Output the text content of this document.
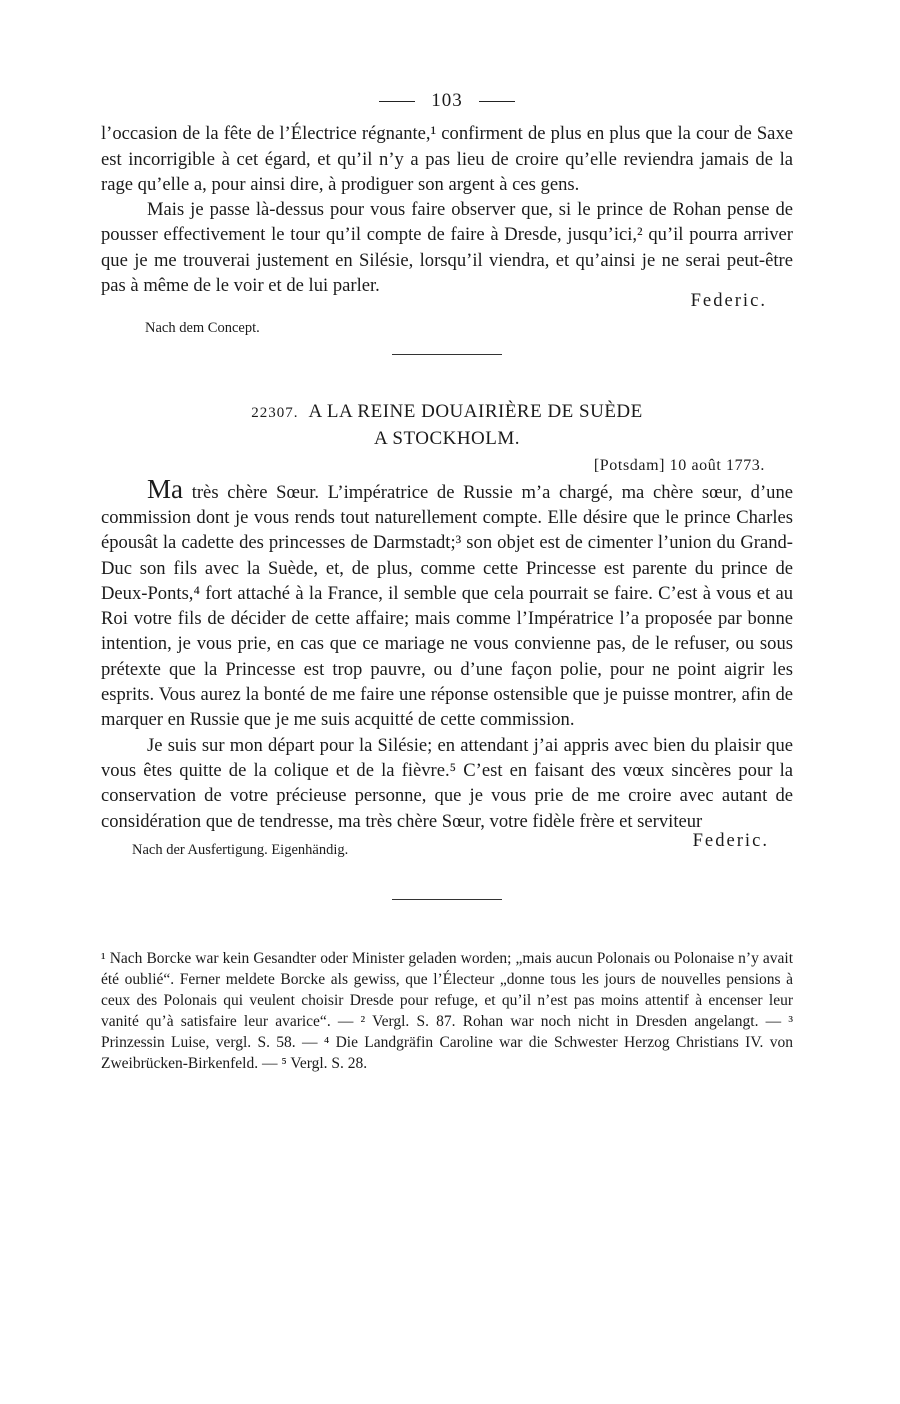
103

l’occasion de la fête de l’Électrice régnante,¹ confirment de plus en plus que la cour de Saxe est incorrigible à cet égard, et qu’il n’y a pas lieu de croire qu’elle reviendra jamais de la rage qu’elle a, pour ainsi dire, à prodiguer son argent à ces gens.

Mais je passe là-dessus pour vous faire observer que, si le prince de Rohan pense de pousser effectivement le tour qu’il compte de faire à Dresde, jusqu’ici,² qu’il pourra arriver que je me trouverai justement en Silésie, lorsqu’il viendra, et qu’ainsi je ne serai peut-être pas à même de le voir et de lui parler.

Federic.
Nach dem Concept.
22307. A LA REINE DOUAIRIÈRE DE SUÈDE
A STOCKHOLM.
[Potsdam] 10 août 1773.

Ma très chère Sœur. L’impératrice de Russie m’a chargé, ma chère sœur, d’une commission dont je vous rends tout naturellement compte. Elle désire que le prince Charles épousât la cadette des princesses de Darmstadt;³ son objet est de cimenter l’union du Grand-Duc son fils avec la Suède, et, de plus, comme cette Princesse est parente du prince de Deux-Ponts,⁴ fort attaché à la France, il semble que cela pourrait se faire. C’est à vous et au Roi votre fils de décider de cette affaire; mais comme l’Impératrice l’a proposée par bonne intention, je vous prie, en cas que ce mariage ne vous convienne pas, de le refuser, ou sous prétexte que la Princesse est trop pauvre, ou d’une façon polie, pour ne point aigrir les esprits. Vous aurez la bonté de me faire une réponse ostensible que je puisse montrer, afin de marquer en Russie que je me suis acquitté de cette commission.

Je suis sur mon départ pour la Silésie; en attendant j’ai appris avec bien du plaisir que vous êtes quitte de la colique et de la fièvre.⁵ C’est en faisant des vœux sincères pour la conservation de votre précieuse personne, que je vous prie de me croire avec autant de considération que de tendresse, ma très chère Sœur, votre fidèle frère et serviteur

Federic.
Nach der Ausfertigung. Eigenhändig.

¹ Nach Borcke war kein Gesandter oder Minister geladen worden; „mais aucun Polonais ou Polonaise n’y avait été oublié“. Ferner meldete Borcke als gewiss, que l’Électeur „donne tous les jours de nouvelles pensions à ceux des Polonais qui veulent choisir Dresde pour refuge, et qu’il n’est pas moins attentif à encenser leur vanité qu’à satisfaire leur avarice“. — ² Vergl. S. 87. Rohan war noch nicht in Dresden angelangt. — ³ Prinzessin Luise, vergl. S. 58. — ⁴ Die Landgräfin Caroline war die Schwester Herzog Christians IV. von Zweibrücken-Birkenfeld. — ⁵ Vergl. S. 28.
